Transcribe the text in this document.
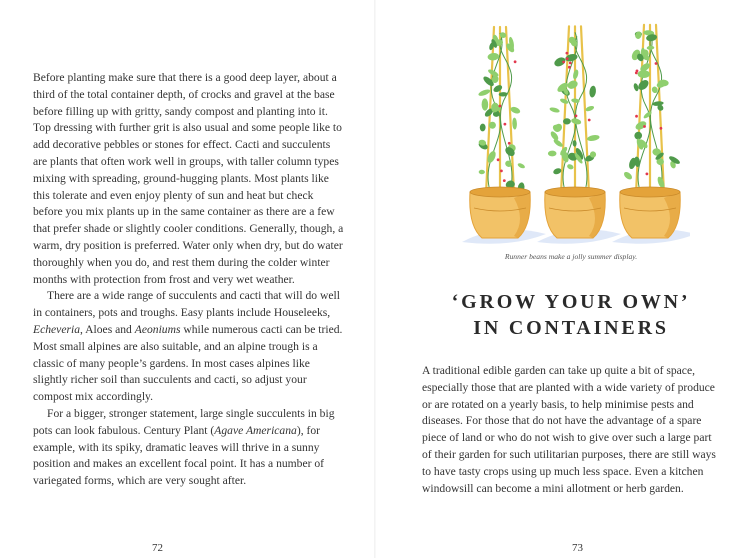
Before planting make sure that there is a good deep layer, about a third of the total container depth, of crocks and gravel at the base before filling up with gritty, sandy compost and planting into it. Top dressing with further grit is also usual and some people like to add decorative pebbles or stones for effect. Cacti and succulents are plants that often work well in groups, with taller column types mixing with spreading, ground-hugging plants. Most plants like this tolerate and even enjoy plenty of sun and heat but check before you mix plants up in the same container as there are a few that prefer shade or slightly cooler conditions. Generally, though, a warm, dry position is preferred. Water only when dry, but do water thoroughly when you do, and rest them during the colder winter months with protection from frost and very wet weather.

There are a wide range of succulents and cacti that will do well in containers, pots and troughs. Easy plants include Houseleeks, Echeveria, Aloes and Aeoniums while numerous cacti can be tried. Most small alpines are also suitable, and an alpine trough is a classic of many people’s gardens. In most cases alpines like slightly richer soil than succulents and cacti, so adjust your compost mix accordingly.

For a bigger, stronger statement, large single succulents in big pots can look fabulous. Century Plant (Agave Americana), for example, with its spiky, dramatic leaves will thrive in a sunny position and makes an excellent focal point. It has a number of variegated forms, which are very sought after.

72
Runner beans make a jolly summer display.
‘GROW YOUR OWN’
IN CONTAINERS

A traditional edible garden can take up quite a bit of space, especially those that are planted with a wide variety of produce or are rotated on a yearly basis, to help minimise pests and diseases. For those that do not have the advantage of a spare piece of land or who do not wish to give over such a large part of their garden for such utilitarian purposes, there are still ways to have tasty crops using up much less space. Even a kitchen windowsill can become a mini allotment or herb garden.

73
